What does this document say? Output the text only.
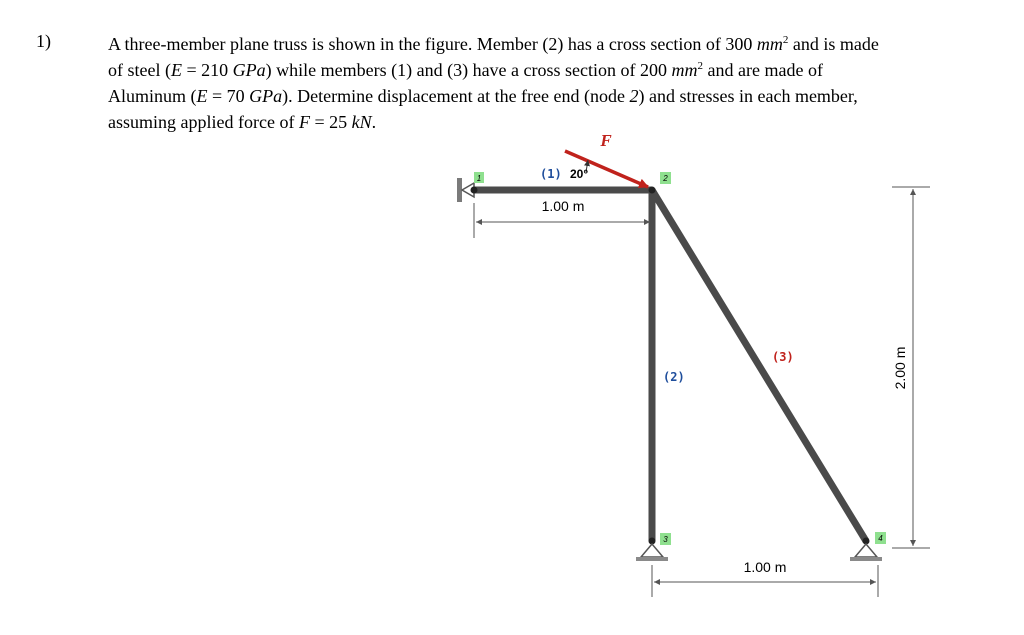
1)	A three-member plane truss is shown in the figure. Member (2) has a cross section of 300 $mm^2$ and is made
of steel (E = 210 GPa) while members (1) and (3) have a cross section of 200 $mm^2$ and are made of
Aluminum (E = 70 GPa). Determine displacement at the free end (node 2) and stresses in each member,
assuming applied force of F = 25 kN.
1	2
3	4
F
(1) 20°
(2)
(3)
1.00 m
1.00 m
2.00 m
